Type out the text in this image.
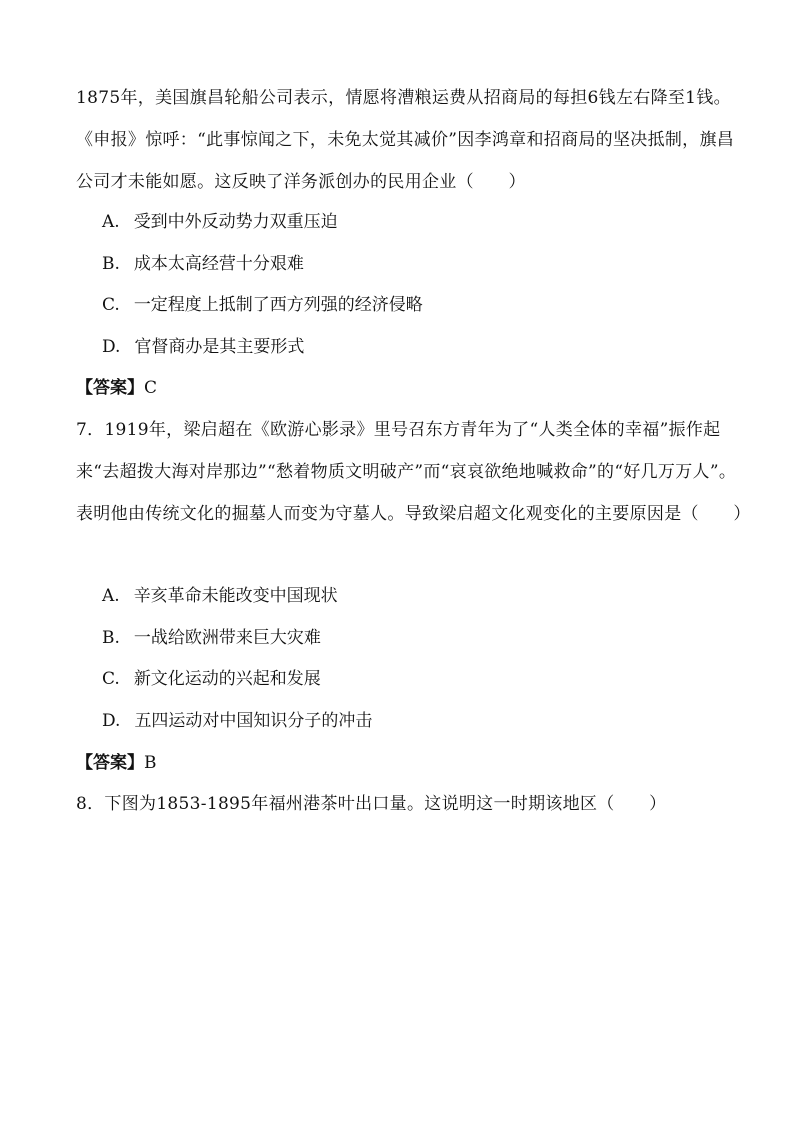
1875年，美国旗昌轮船公司表示，情愿将漕粮运费从招商局的每担6钱左右降至1钱。《申报》惊呼：“此事惊闻之下，未免太觉其减价”因李鸿章和招商局的坚决抵制，旗昌公司才未能如愿。这反映了洋务派创办的民用企业（　　）
A. 受到中外反动势力双重压迫
B. 成本太高经营十分艰难
C. 一定程度上抵制了西方列强的经济侵略
D. 官督商办是其主要形式
【答案】C
7．1919年，梁启超在《欧游心影录》里号召东方青年为了“人类全体的幸福”振作起来“去超拨大海对岸那边”“愁着物质文明破产”而“哀哀欲绝地喊救命”的“好几万万人”。表明他由传统文化的掘墓人而变为守墓人。导致梁启超文化观变化的主要原因是（　　）
A. 辛亥革命未能改变中国现状
B. 一战给欧洲带来巨大灾难
C. 新文化运动的兴起和发展
D. 五四运动对中国知识分子的冲击
【答案】B
8．下图为1853-1895年福州港茶叶出口量。这说明这一时期该地区（　　）
